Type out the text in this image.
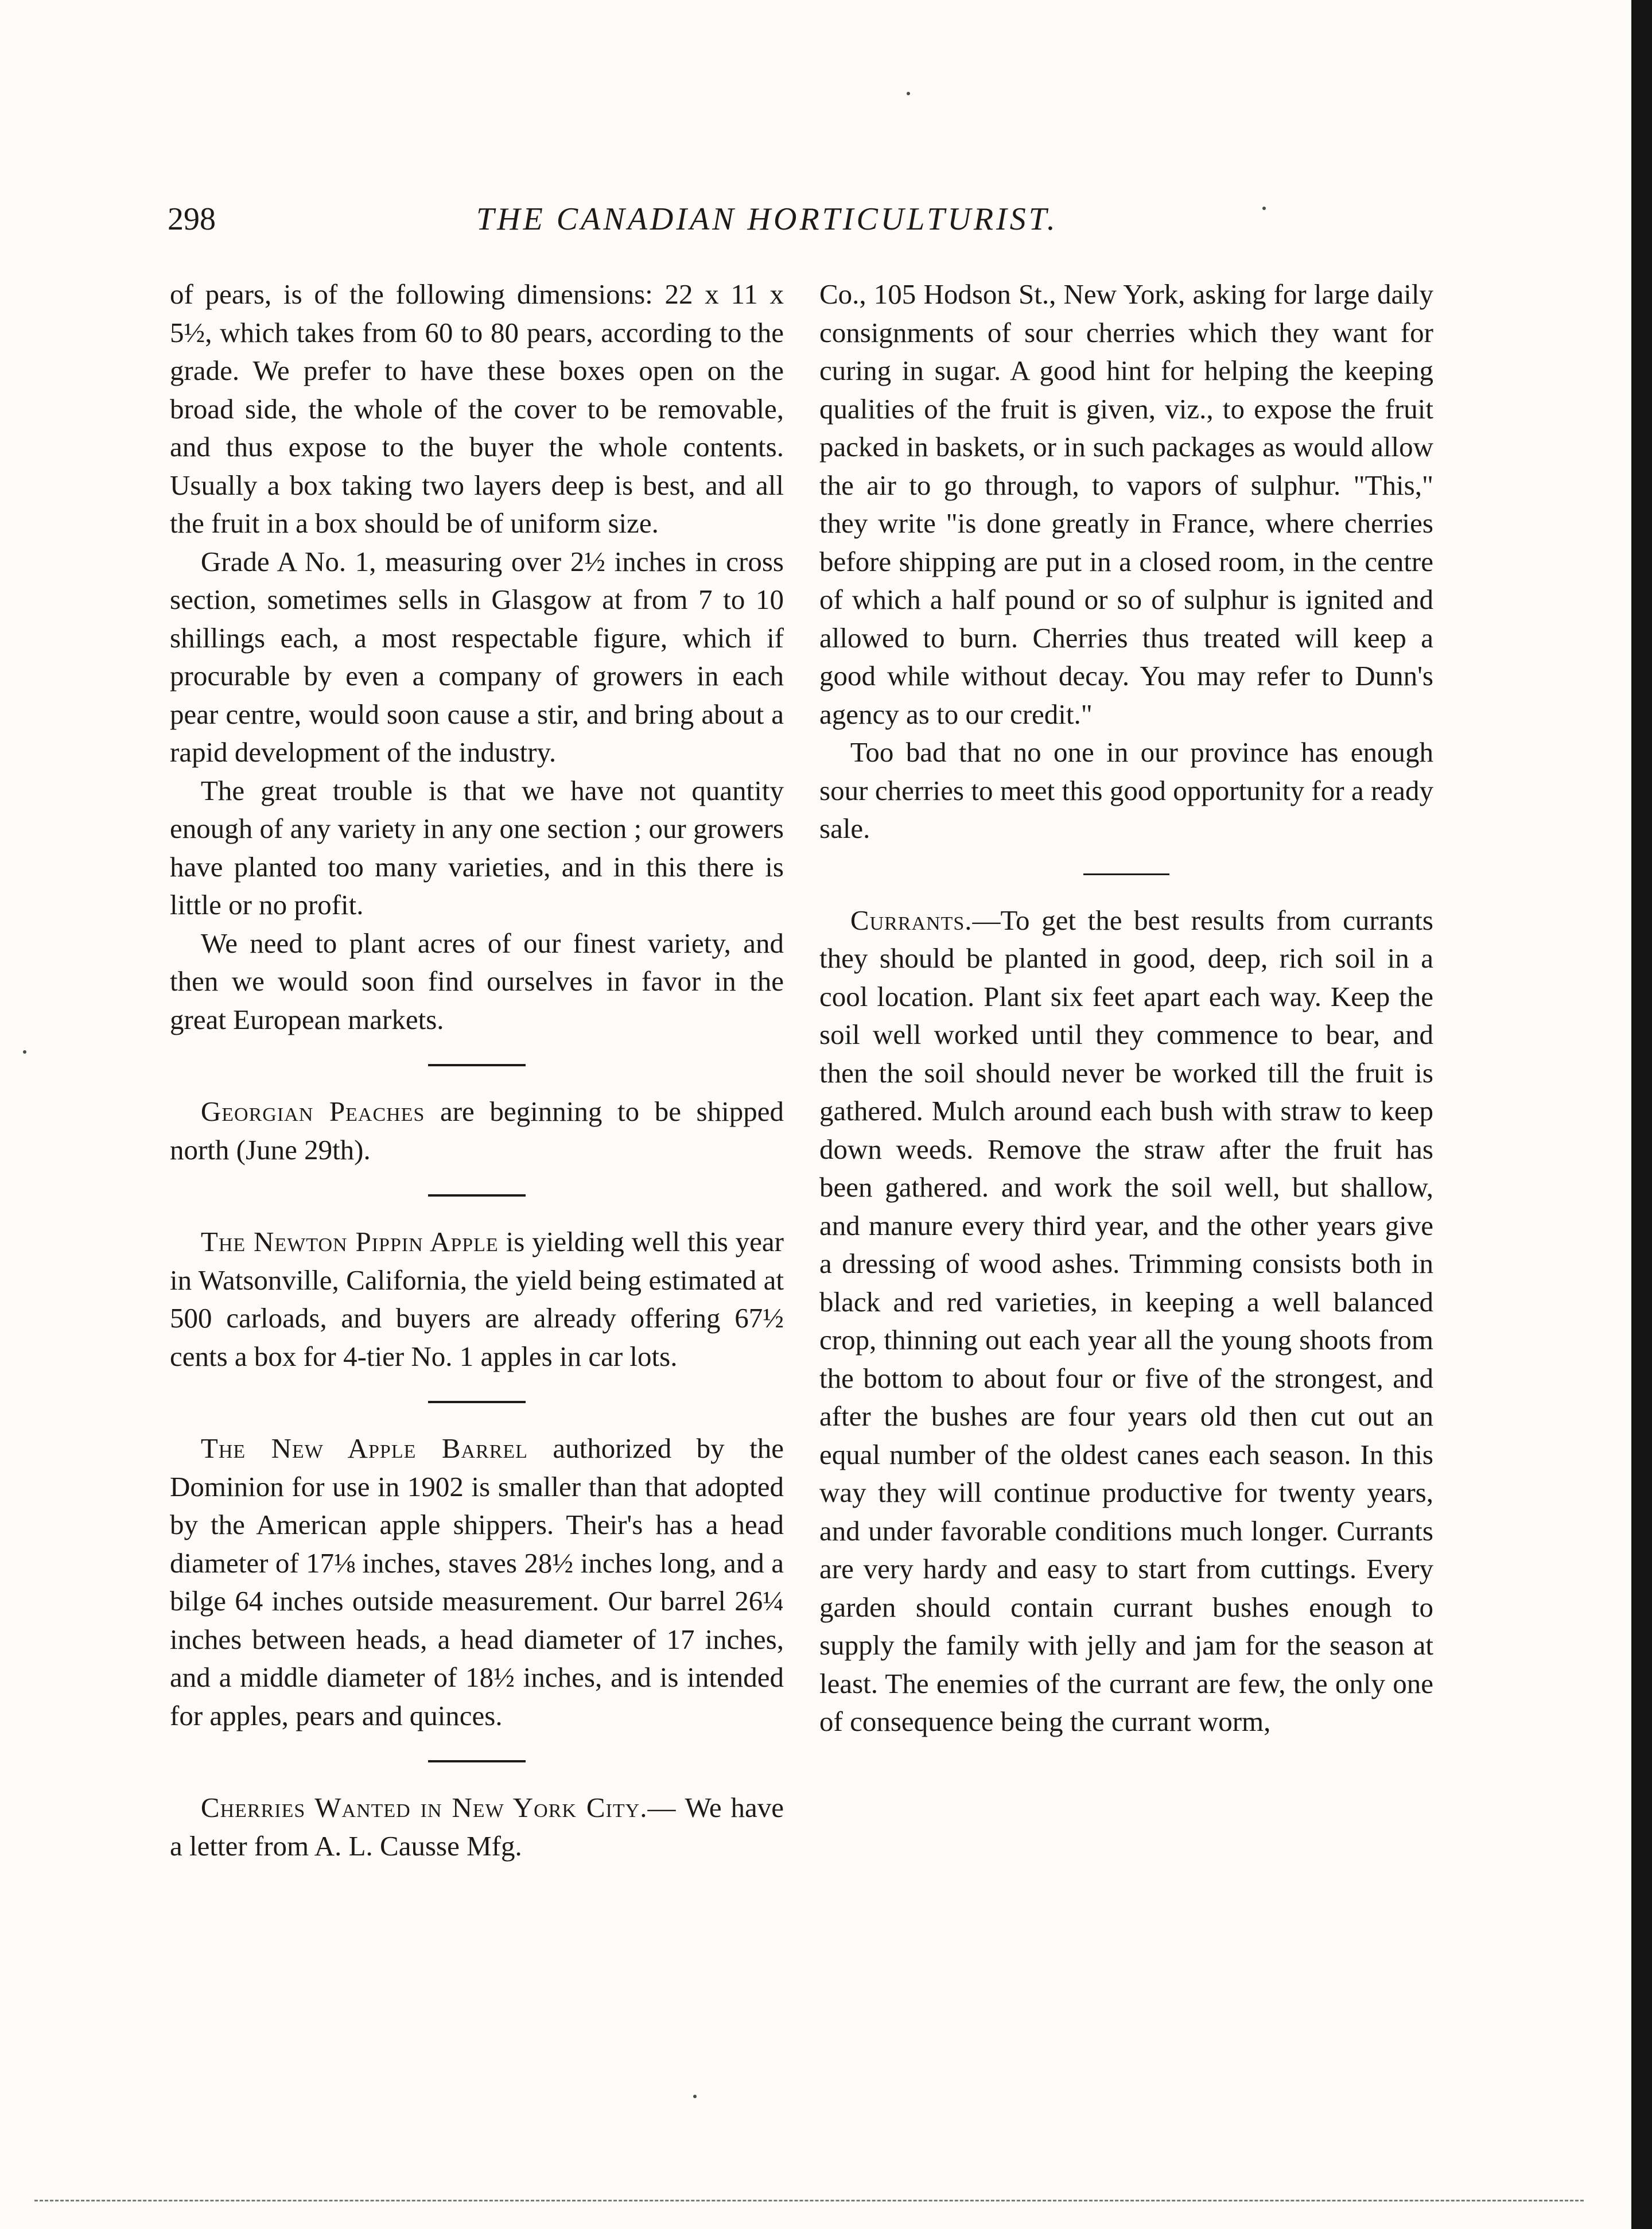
298	THE CANADIAN HORTICULTURIST.

of pears, is of the following dimensions: 22 x 11 x 5½, which takes from 60 to 80 pears, according to the grade. We prefer to have these boxes open on the broad side, the whole of the cover to be removable, and thus expose to the buyer the whole contents. Usually a box taking two layers deep is best, and all the fruit in a box should be of uniform size.

Grade A No. 1, measuring over 2½ inches in cross section, sometimes sells in Glasgow at from 7 to 10 shillings each, a most respectable figure, which if procurable by even a company of growers in each pear centre, would soon cause a stir, and bring about a rapid development of the industry.

The great trouble is that we have not quantity enough of any variety in any one section ; our growers have planted too many varieties, and in this there is little or no profit.

We need to plant acres of our finest variety, and then we would soon find ourselves in favor in the great European markets.

Georgian Peaches are beginning to be shipped north (June 29th).

The Newton Pippin Apple is yielding well this year in Watsonville, California, the yield being estimated at 500 carloads, and buyers are already offering 67½ cents a box for 4-tier No. 1 apples in car lots.

The New Apple Barrel authorized by the Dominion for use in 1902 is smaller than that adopted by the American apple shippers. Their's has a head diameter of 17⅛ inches, staves 28½ inches long, and a bilge 64 inches outside measurement. Our barrel 26¼ inches between heads, a head diameter of 17 inches, and a middle diameter of 18½ inches, and is intended for apples, pears and quinces.

Cherries Wanted in New York City.— We have a letter from A. L. Causse Mfg.

Co., 105 Hodson St., New York, asking for large daily consignments of sour cherries which they want for curing in sugar. A good hint for helping the keeping qualities of the fruit is given, viz., to expose the fruit packed in baskets, or in such packages as would allow the air to go through, to vapors of sulphur. "This," they write "is done greatly in France, where cherries before shipping are put in a closed room, in the centre of which a half pound or so of sulphur is ignited and allowed to burn. Cherries thus treated will keep a good while without decay. You may refer to Dunn's agency as to our credit."

Too bad that no one in our province has enough sour cherries to meet this good opportunity for a ready sale.

Currants.—To get the best results from currants they should be planted in good, deep, rich soil in a cool location. Plant six feet apart each way. Keep the soil well worked until they commence to bear, and then the soil should never be worked till the fruit is gathered. Mulch around each bush with straw to keep down weeds. Remove the straw after the fruit has been gathered. and work the soil well, but shallow, and manure every third year, and the other years give a dressing of wood ashes. Trimming consists both in black and red varieties, in keeping a well balanced crop, thinning out each year all the young shoots from the bottom to about four or five of the strongest, and after the bushes are four years old then cut out an equal number of the oldest canes each season. In this way they will continue productive for twenty years, and under favorable conditions much longer. Currants are very hardy and easy to start from cuttings. Every garden should contain currant bushes enough to supply the family with jelly and jam for the season at least. The enemies of the currant are few, the only one of consequence being the currant worm,
